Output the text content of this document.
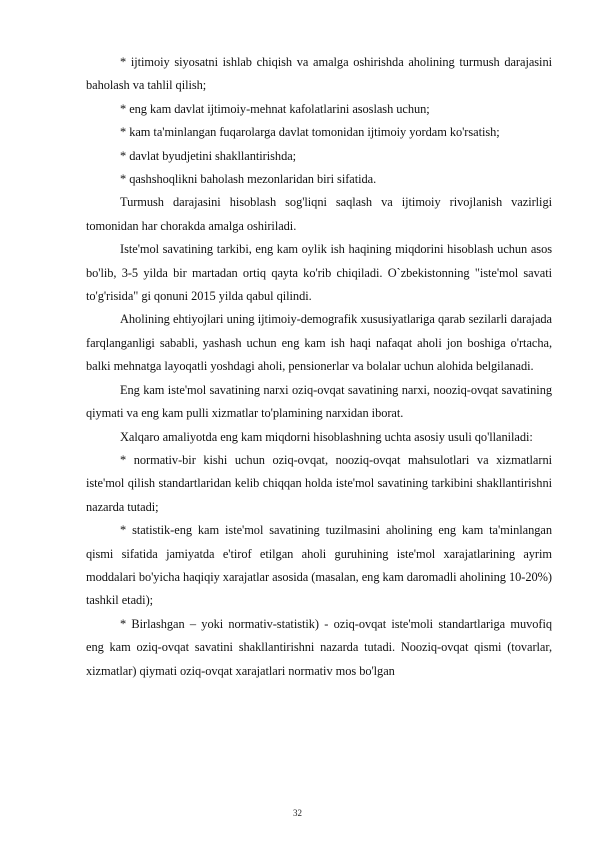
* ijtimoiy siyosatni ishlab chiqish va amalga oshirishda aholining turmush darajasini baholash va tahlil qilish;

* eng kam davlat ijtimoiy-mehnat kafolatlarini asoslash uchun;

* kam ta'minlangan fuqarolarga davlat tomonidan ijtimoiy yordam ko'rsatish;

* davlat byudjetini shakllantirishda;

* qashshoqlikni baholash mezonlaridan biri sifatida.

Turmush darajasini hisoblash sog'liqni saqlash va ijtimoiy rivojlanish vazirligi tomonidan har chorakda amalga oshiriladi.

Iste'mol savatining tarkibi, eng kam oylik ish haqining miqdorini hisoblash uchun asos bo'lib, 3-5 yilda bir martadan ortiq qayta ko'rib chiqiladi. O`zbekistonning "iste'mol savati to'g'risida" gi qonuni 2015 yilda qabul qilindi.

Aholining ehtiyojlari uning ijtimoiy-demografik xususiyatlariga qarab sezilarli darajada farqlanganligi sababli, yashash uchun eng kam ish haqi nafaqat aholi jon boshiga o'rtacha, balki mehnatga layoqatli yoshdagi aholi, pensionerlar va bolalar uchun alohida belgilanadi.

Eng kam iste'mol savatining narxi oziq-ovqat savatining narxi, nooziq-ovqat savatining qiymati va eng kam pulli xizmatlar to'plamining narxidan iborat.

Xalqaro amaliyotda eng kam miqdorni hisoblashning uchta asosiy usuli qo'llaniladi:

* normativ-bir kishi uchun oziq-ovqat, nooziq-ovqat mahsulotlari va xizmatlarni iste'mol qilish standartlaridan kelib chiqqan holda iste'mol savatining tarkibini shakllantirishni nazarda tutadi;

* statistik-eng kam iste'mol savatining tuzilmasini aholining eng kam ta'minlangan qismi sifatida jamiyatda e'tirof etilgan aholi guruhining iste'mol xarajatlarining ayrim moddalari bo'yicha haqiqiy xarajatlar asosida (masalan, eng kam daromadli aholining 10-20%) tashkil etadi);

* Birlashgan – yoki normativ-statistik) - oziq-ovqat iste'moli standartlariga muvofiq eng kam oziq-ovqat savatini shakllantirishni nazarda tutadi. Nooziq-ovqat qismi (tovarlar, xizmatlar) qiymati oziq-ovqat xarajatlari normativ mos bo'lgan

32
